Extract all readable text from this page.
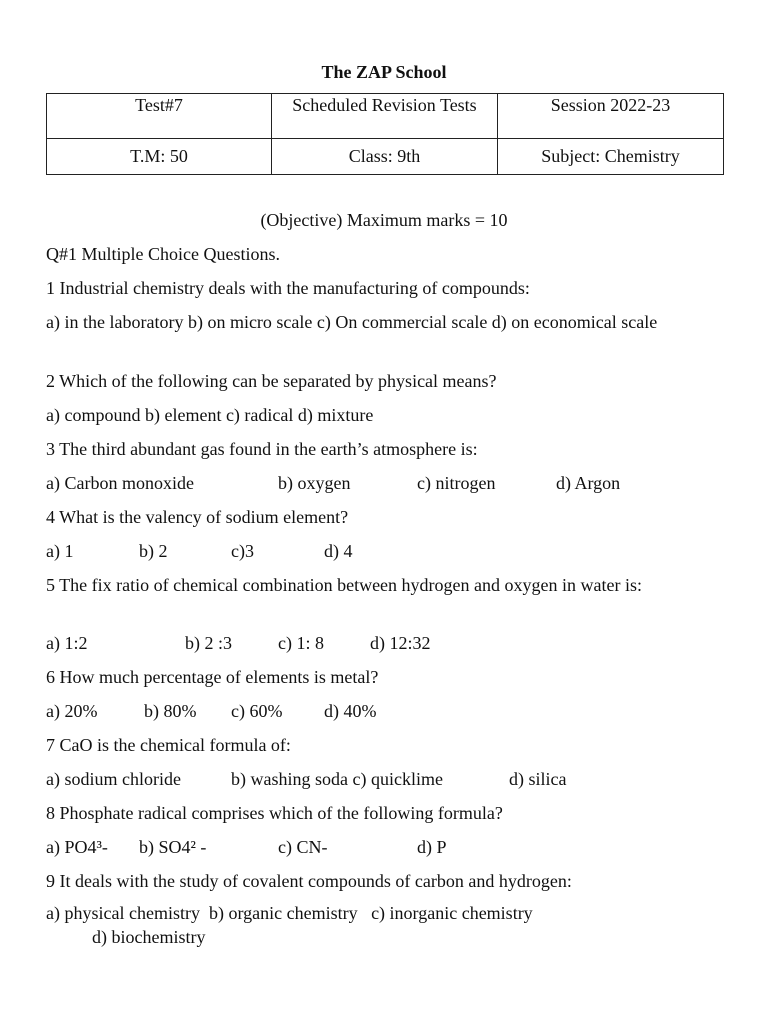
The ZAP School
Test#7	Scheduled Revision Tests	Session 2022-23
T.M: 50	Class: 9th	Subject: Chemistry
(Objective) Maximum marks = 10
Q#1 Multiple Choice Questions.
1 Industrial chemistry deals with the manufacturing of compounds:
a) in the laboratory b) on micro scale c) On commercial scale d) on economical scale
2 Which of the following can be separated by physical means?
a) compound b) element c) radical d) mixture
3 The third abundant gas found in the earth’s atmosphere is:
a) Carbon monoxide	b) oxygen	c) nitrogen	d) Argon
4 What is the valency of sodium element?
a) 1	b) 2	c)3	d) 4
5 The fix ratio of chemical combination between hydrogen and oxygen in water is:
a) 1:2	b) 2 :3	c) 1: 8	d) 12:32
6 How much percentage of elements is metal?
a) 20%	b) 80% c) 60% d) 40%
7 CaO is the chemical formula of:
a) sodium chloride	b) washing soda c) quicklime	d) silica
8 Phosphate radical comprises which of the following formula?
a) PO4³- b) SO4² -	c) CN-	d) P
9 It deals with the study of covalent compounds of carbon and hydrogen:
a) physical chemistry  b) organic chemistry   c) inorganic chemistry
d) biochemistry
